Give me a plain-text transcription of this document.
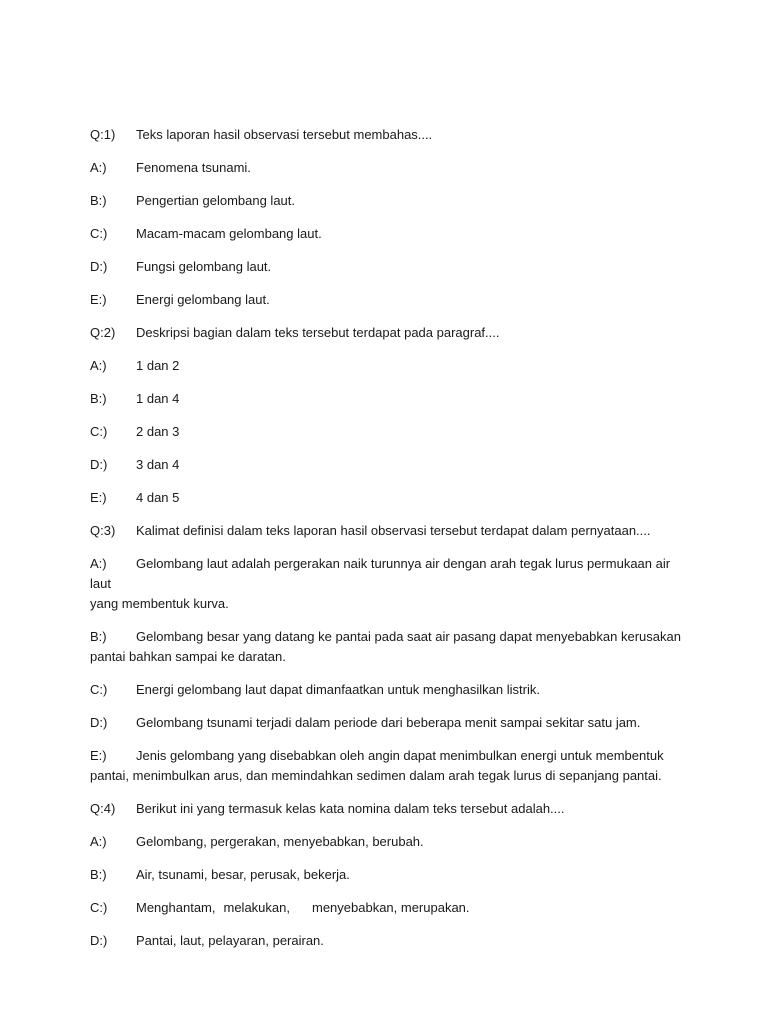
Q:1) Teks laporan hasil observasi tersebut membahas....
A:) Fenomena tsunami.
B:) Pengertian gelombang laut.
C:) Macam-macam gelombang laut.
D:) Fungsi gelombang laut.
E:) Energi gelombang laut.
Q:2) Deskripsi bagian dalam teks tersebut terdapat pada paragraf....
A:) 1 dan 2
B:) 1 dan 4
C:) 2 dan 3
D:) 3 dan 4
E:) 4 dan 5
Q:3) Kalimat definisi dalam teks laporan hasil observasi tersebut terdapat dalam pernyataan....
A:) Gelombang laut adalah pergerakan naik turunnya air dengan arah tegak lurus permukaan air laut
yang membentuk kurva.
B:) Gelombang besar yang datang ke pantai pada saat air pasang dapat menyebabkan kerusakan
pantai bahkan sampai ke daratan.
C:) Energi gelombang laut dapat dimanfaatkan untuk menghasilkan listrik.
D:) Gelombang tsunami terjadi dalam periode dari beberapa menit sampai sekitar satu jam.
E:) Jenis gelombang yang disebabkan oleh angin dapat menimbulkan energi untuk membentuk
pantai, menimbulkan arus, dan memindahkan sedimen dalam arah tegak lurus di sepanjang pantai.
Q:4) Berikut ini yang termasuk kelas kata nomina dalam teks tersebut adalah....
A:) Gelombang, pergerakan, menyebabkan, berubah.
B:) Air, tsunami, besar, perusak, bekerja.
C:) Menghantam, melakukan, menyebabkan, merupakan.
D:) Pantai, laut, pelayaran, perairan.
